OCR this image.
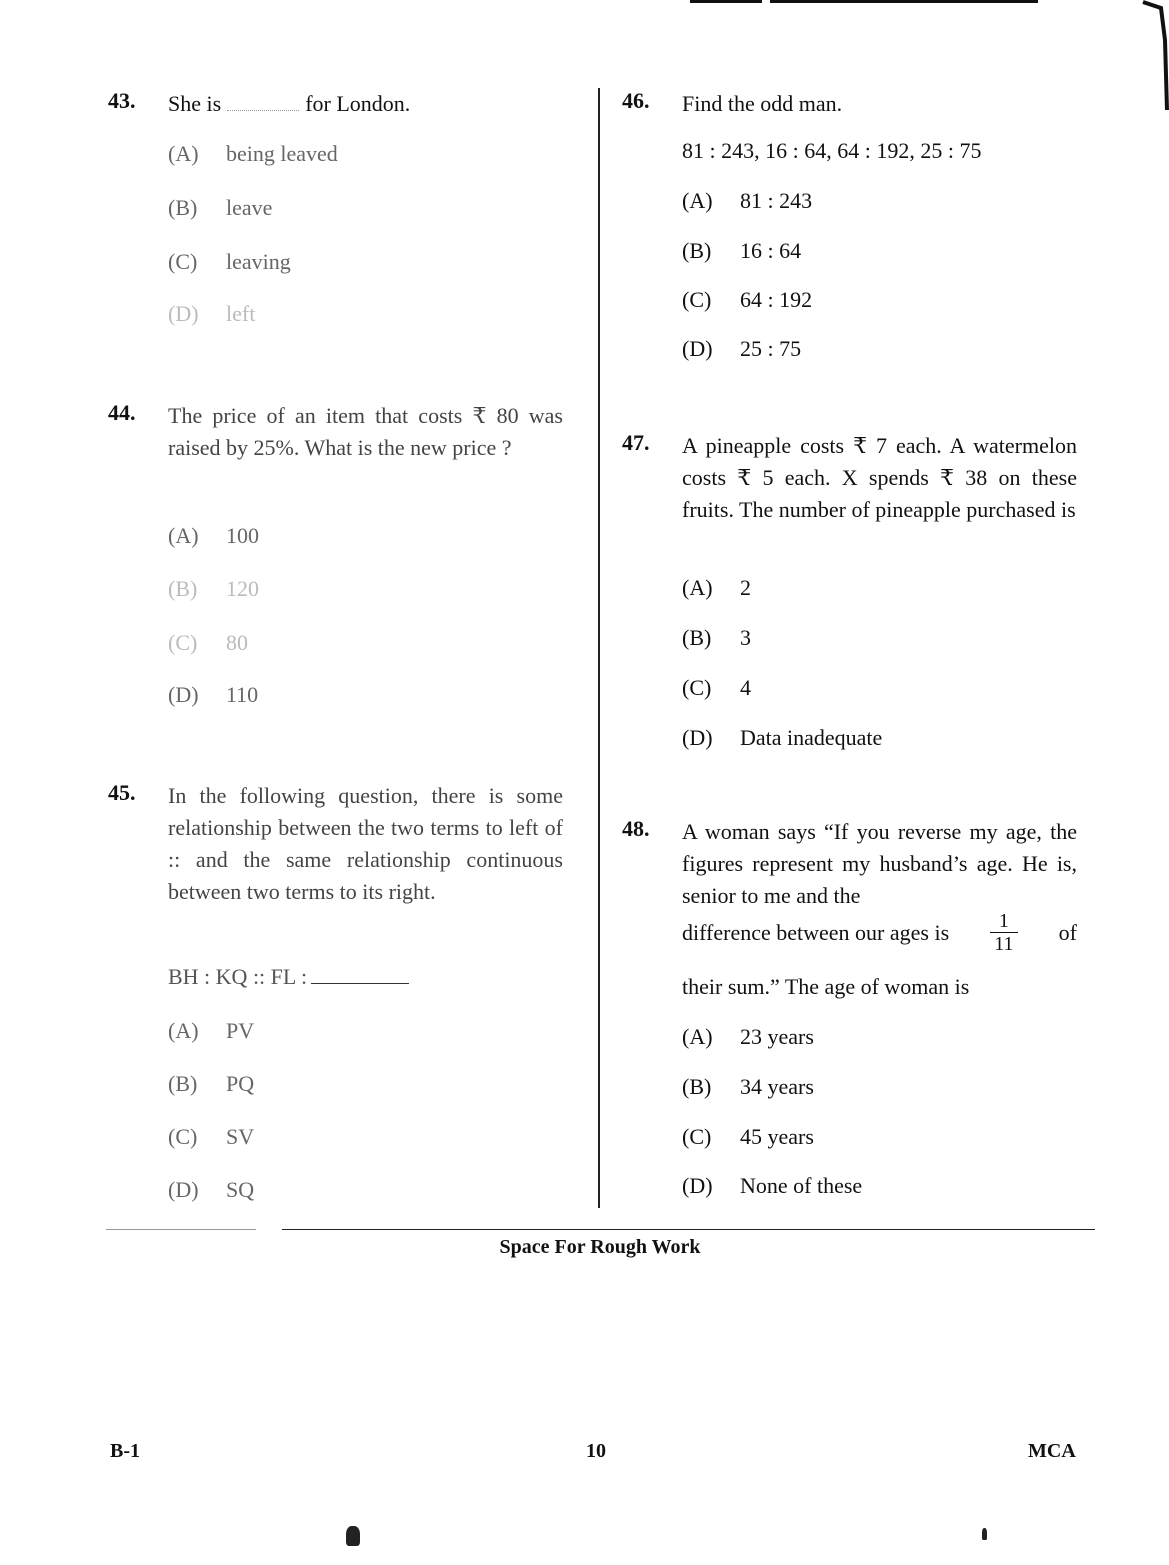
43. She is	for London.
(A) being leaved
(B) leave
(C) leaving
(D) left
44. The price of an item that costs ₹ 80 was raised by 25%. What is the new price ?
(A) 100
(B) 120
(C) 80
(D) 110
45. In the following question, there is some relationship between the two terms to left of :: and the same relationship continuous between two terms to its right.
BH : KQ :: FL :
(A) PV
(B) PQ
(C) SV
(D) SQ
46. Find the odd man.
81 : 243, 16 : 64, 64 : 192, 25 : 75
(A) 81 : 243
(B) 16 : 64
(C) 64 : 192
(D) 25 : 75
47. A pineapple costs ₹ 7 each. A watermelon costs ₹ 5 each. X spends ₹ 38 on these fruits. The number of pineapple purchased is
(A) 2
(B) 3
(C) 4
(D) Data inadequate
48. A woman says “If you reverse my age, the figures represent my husband’s age. He is, senior to me and the
difference between our ages is $\frac{1}{11}$ of
their sum.” The age of woman is
(A) 23 years
(B) 34 years
(C) 45 years
(D) None of these
Space For Rough Work
B-1	10	MCA
